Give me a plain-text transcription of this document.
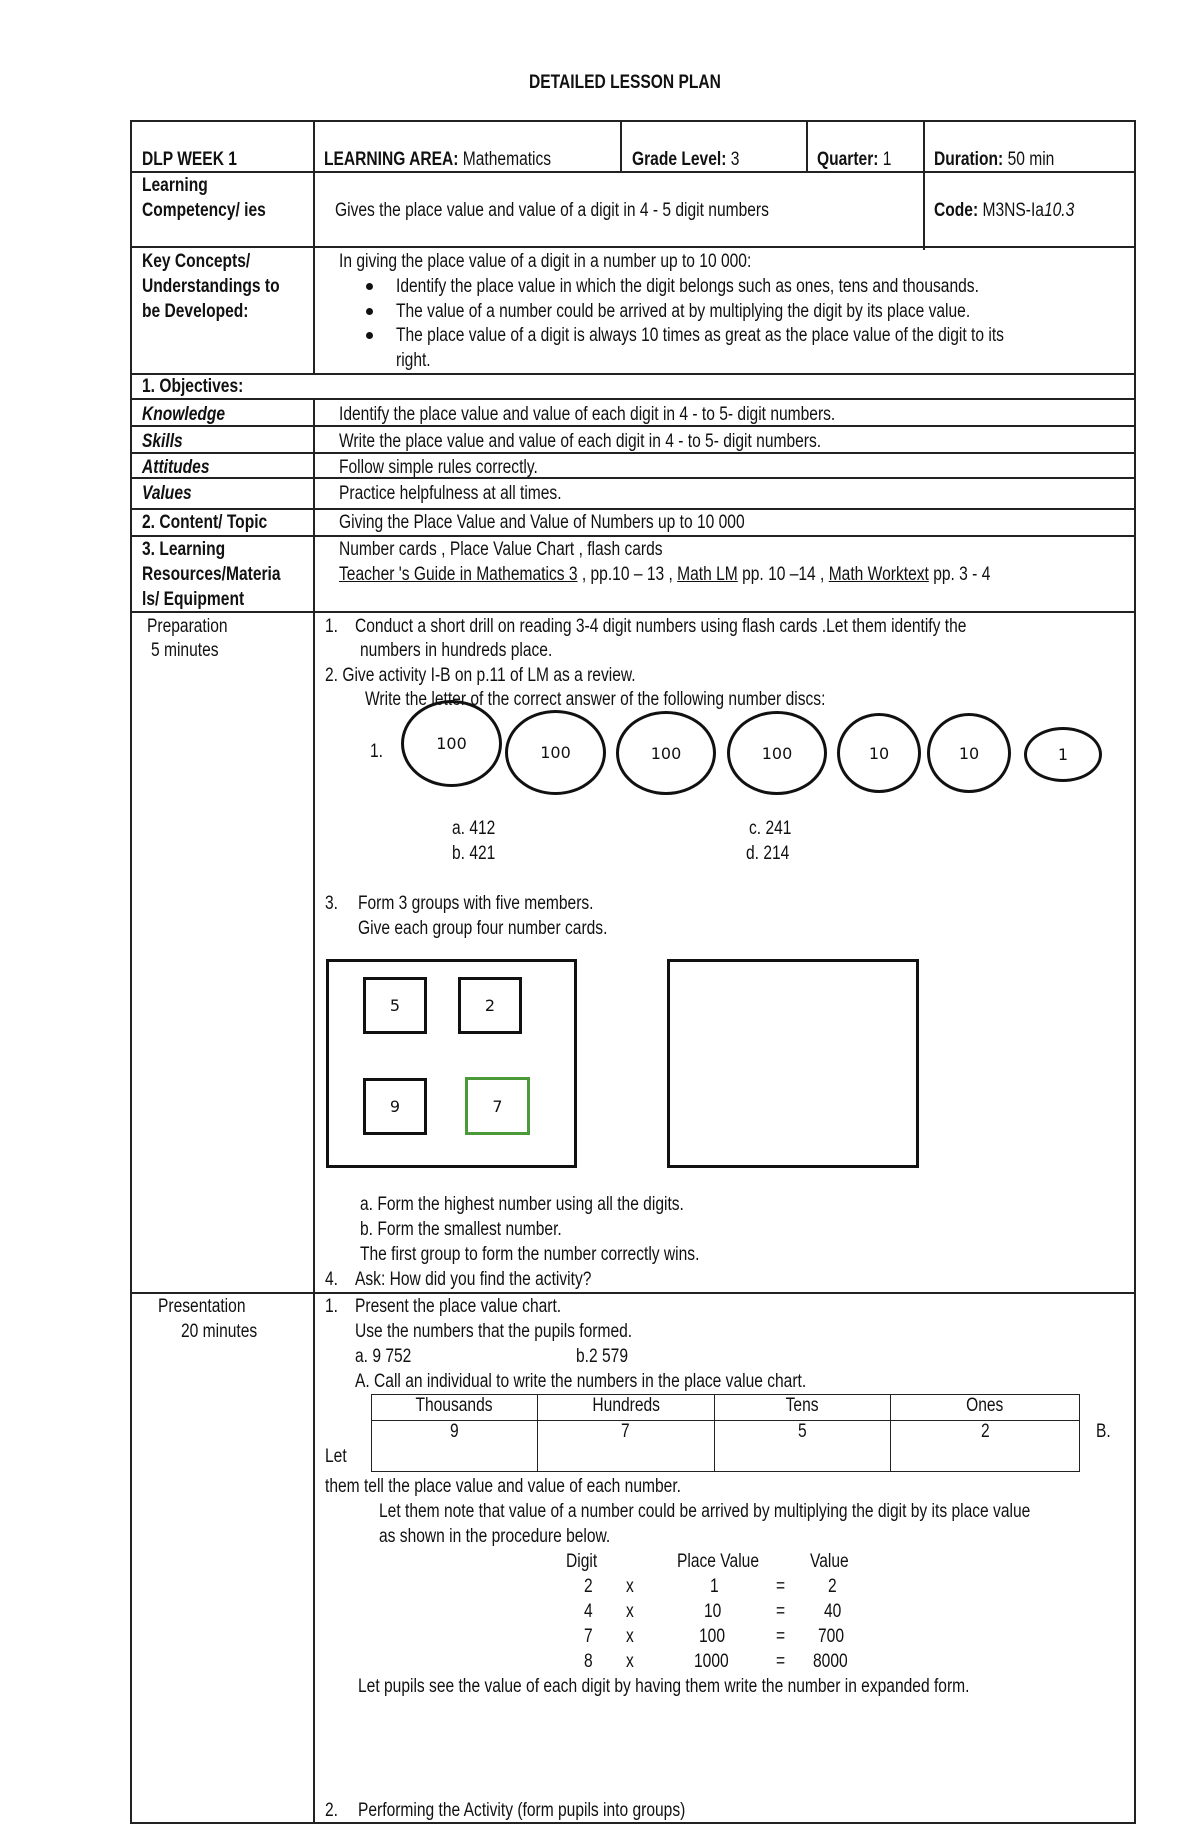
DETAILED LESSON PLAN
DLP WEEK 1	LEARNING AREA: Mathematics	Grade Level: 3	Quarter: 1 Duration: 50 min
Learning
Competency/ ies	Gives the place value and value of a digit in 4 - 5 digit numbers	Code: M3NS-Ia10.3
Key Concepts/
Understandings to
be Developed:
In giving the place value of a digit in a number up to 10 000:
Identify the place value in which the digit belongs such as ones, tens and thousands.
The value of a number could be arrived at by multiplying the digit by its place value.
The place value of a digit is always 10 times as great as the place value of the digit to its
right.
1. Objectives:
Knowledge	Identify the place value and value of each digit in 4 - to 5- digit numbers.
Skills	Write the place value and value of each digit in 4 - to 5- digit numbers.
Attitudes	Follow simple rules correctly.
Values	Practice helpfulness at all times.
2. Content/ Topic	Giving the Place Value and Value of Numbers up to 10 000
3. Learning
Resources/Materia
ls/ Equipment
Number cards , Place Value Chart , flash cards
Teacher 's Guide in Mathematics 3 , pp.10 – 13 , Math LM pp. 10 –14 , Math Worktext pp. 3 - 4
Preparation
5 minutes
1. Conduct a short drill on reading 3-4 digit numbers using flash cards .Let them identify the
numbers in hundreds place.
2. Give activity I-B on p.11 of LM as a review.
Write the letter of the correct answer of the following number discs:
1.	100	100	100	100	10	10	1
a. 412
b. 421
c. 241
d. 214
3. Form 3 groups with five members.
Give each group four number cards.
5	2
9	7
a. Form the highest number using all the digits.
b. Form the smallest number.
The first group to form the number correctly wins.
4. Ask: How did you find the activity?
Presentation
20 minutes
1. Present the place value chart.
Use the numbers that the pupils formed.
a. 9 752	b.2 579
A. Call an individual to write the numbers in the place value chart.
Thousands	Hundreds	Tens	Ones
9	7	5	2	B.
Let
them tell the place value and value of each number.
Let them note that value of a number could be arrived by multiplying the digit by its place value
as shown in the procedure below.
Digit	Place Value	Value
2 x	1	= 2
4 x	10	= 40
7 x	100	= 700
8 x	1000 = 8000
Let pupils see the value of each digit by having them write the number in expanded form.
2. Performing the Activity (form pupils into groups)
